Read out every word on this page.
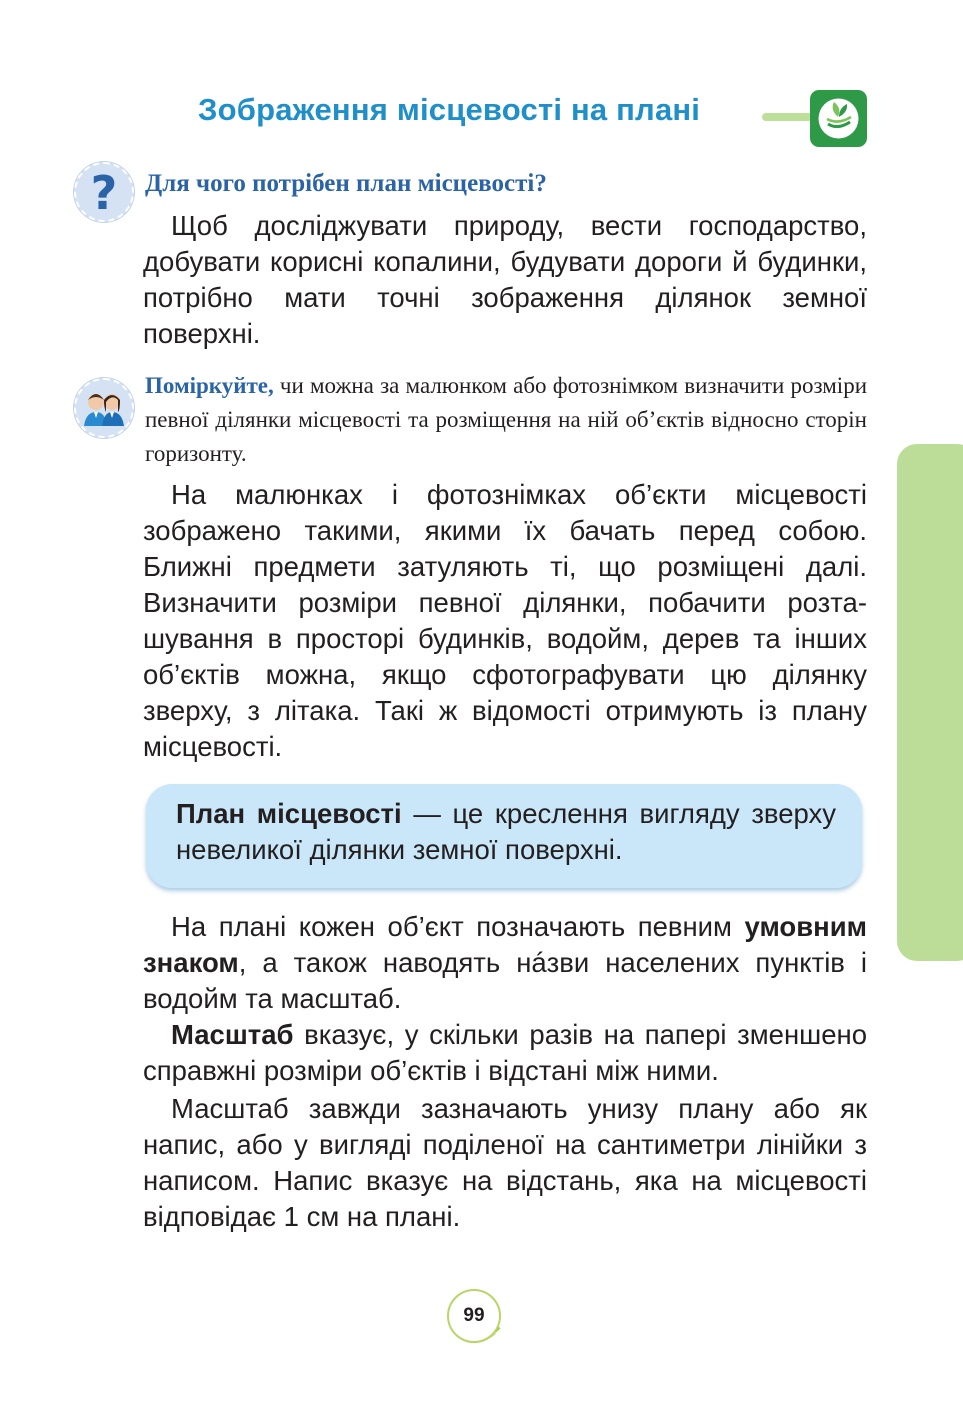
Зображення місцевості на плані
?	Для чого потрібен план місцевості?
Щоб досліджувати природу, вести господарство, добувати корисні копалини, будувати дороги й будинки, потрібно мати точні зображення ділянок земної поверхні.
Поміркуйте, чи можна за малюнком або фотознімком визначити розміри певної ділянки місцевості та розміщення на ній об’єктів відносно сторін горизонту.
На малюнках і фотознімках об’єкти місцевості зображено такими, якими їх бачать перед собою. Ближні предмети затуляють ті, що розміщені далі. Визначити розміри певної ділянки, побачити розташування в просторі будинків, водойм, дерев та інших об’єктів можна, якщо сфотографувати цю ділянку зверху, з літака. Такі ж відомості отримують із плану місцевості.
План місцевості — це креслення вигляду зверху невеликої ділянки земної поверхні.
На плані кожен об’єкт позначають певним умовним знаком, а також наводять нáзви населених пунктів і водойм та масштаб.
Масштаб вказує, у скільки разів на папері зменшено справжні розміри об’єктів і відстані між ними.
Масштаб завжди зазначають унизу плану або як напис, або у вигляді поділеної на сантиметри лінійки з написом. Напис вказує на відстань, яка на місцевості відповідає 1 см на плані.
99
